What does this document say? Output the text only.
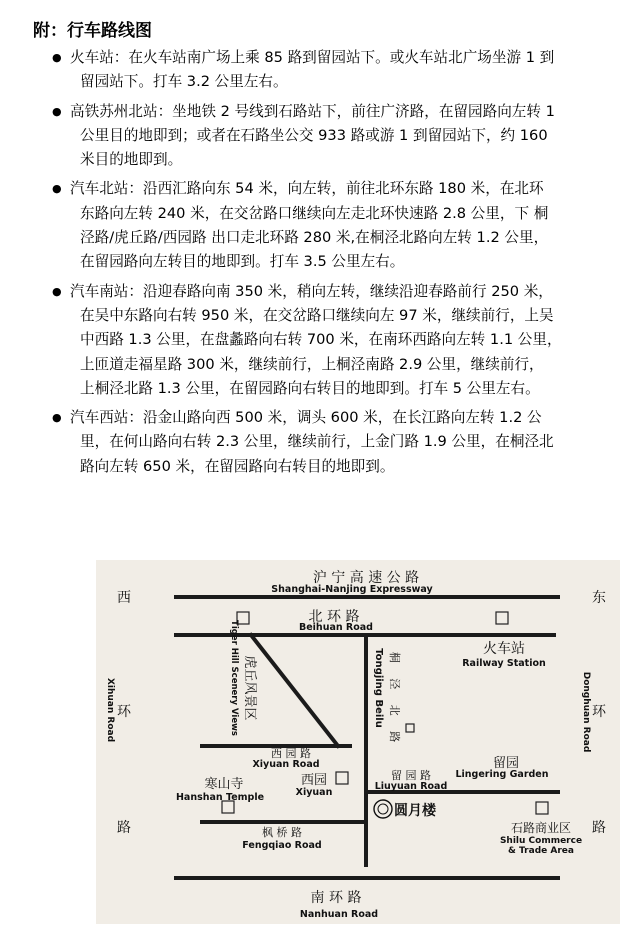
附：行车路线图
● 火车站：在火车站南广场上乘 85 路到留园站下。或火车站北广场坐游 1 到
留园站下。打车 3.2 公里左右。
● 高铁苏州北站：坐地铁 2 号线到石路站下，前往广济路，在留园路向左转 1
公里目的地即到；或者在石路坐公交 933 路或游 1 到留园站下，约 160
米目的地即到。
● 汽车北站：沿西汇路向东 54 米，向左转，前往北环东路 180 米，在北环
东路向左转 240 米，在交岔路口继续向左走北环快速路 2.8 公里，下 桐
泾路/虎丘路/西园路 出口走北环路 280 米,在桐泾北路向左转 1.2 公里，
在留园路向左转目的地即到。打车 3.5 公里左右。
● 汽车南站：沿迎春路向南 350 米，稍向左转，继续沿迎春路前行 250 米，
在吴中东路向右转 950 米，在交岔路口继续向左 97 米，继续前行，上吴
中西路 1.3 公里，在盘蠡路向右转 700 米，在南环西路向左转 1.1 公里，
上匝道走福星路 300 米，继续前行，上桐泾南路 2.9 公里，继续前行，
上桐泾北路 1.3 公里，在留园路向右转目的地即到。打车 5 公里左右。
● 汽车西站：沿金山路向西 500 米，调头 600 米，在长江路向左转 1.2 公
里，在何山路向右转 2.3 公里，继续前行，上金门路 1.9 公里，在桐泾北
路向左转 650 米，在留园路向右转目的地即到。
沪 宁 高 速 公 路
Shanghai-Nanjing Expressway
北 环 路
Beihuan Road
南 环 路
Nanhuan Road
西
环
路
Xihuan Road
东
环
路
Donghuan Road
Tongjing Beilu 桐 泾 北 路
虎丘风景区
Tiger Hill Scenery Views	火车站
Railway Station
西 园 路
Xiyuan Road
留 园 路
Liuyuan Road
留园
Lingering Garden
寒山寺
Hanshan Temple
西园
Xiyuan
枫 桥 路
Fengqiao Road
石路商业区
Shilu Commerce
& Trade Area
圆月楼
